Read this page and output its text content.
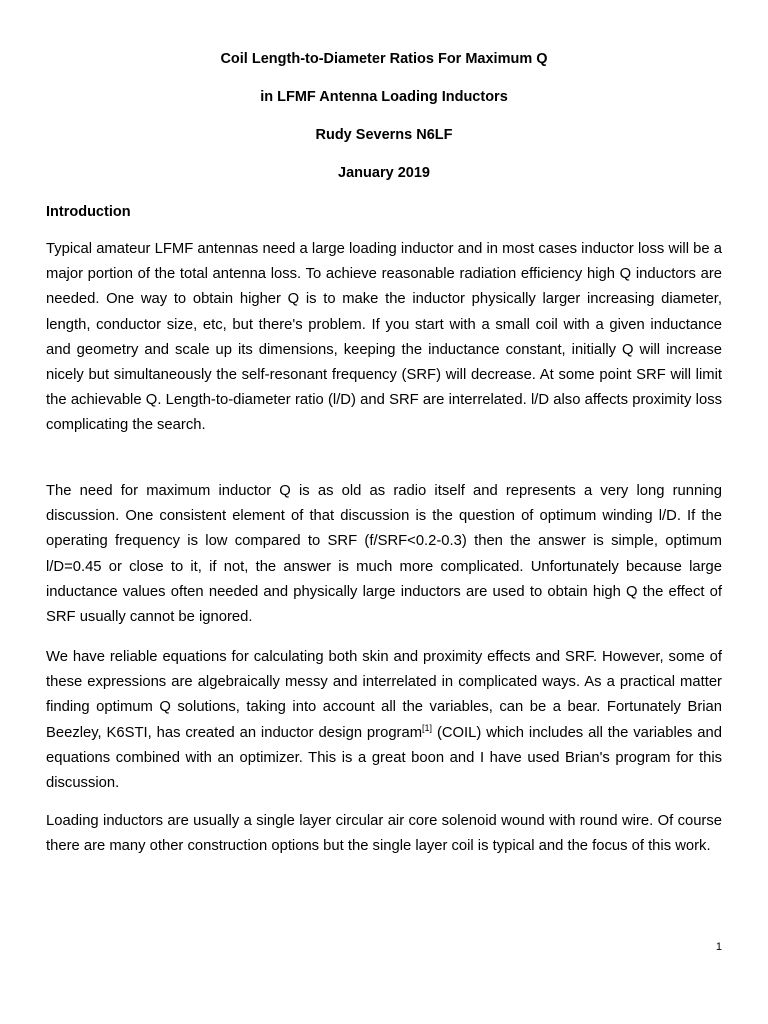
Coil Length-to-Diameter Ratios For Maximum Q
in LFMF Antenna Loading Inductors
Rudy Severns N6LF
January 2019
Introduction

Typical amateur LFMF antennas need a large loading inductor and in most cases inductor loss will be a major portion of the total antenna loss. To achieve reasonable radiation efficiency high Q inductors are needed. One way to obtain higher Q is to make the inductor physically larger increasing diameter, length, conductor size, etc, but there's problem. If you start with a small coil with a given inductance and geometry and scale up its dimensions, keeping the inductance constant, initially Q will increase nicely but simultaneously the self-resonant frequency (SRF) will decrease. At some point SRF will limit the achievable Q. Length-to-diameter ratio (l/D) and SRF are interrelated. l/D also affects proximity loss complicating the search.

The need for maximum inductor Q is as old as radio itself and represents a very long running discussion. One consistent element of that discussion is the question of optimum winding l/D. If the operating frequency is low compared to SRF (f/SRF<0.2-0.3) then the answer is simple, optimum l/D=0.45 or close to it, if not, the answer is much more complicated. Unfortunately because large inductance values often needed and physically large inductors are used to obtain high Q the effect of SRF usually cannot be ignored.

We have reliable equations for calculating both skin and proximity effects and SRF. However, some of these expressions are algebraically messy and interrelated in complicated ways. As a practical matter finding optimum Q solutions, taking into account all the variables, can be a bear. Fortunately Brian Beezley, K6STI, has created an inductor design program[1] (COIL) which includes all the variables and equations combined with an optimizer. This is a great boon and I have used Brian's program for this discussion.

Loading inductors are usually a single layer circular air core solenoid wound with round wire. Of course there are many other construction options but the single layer coil is typical and the focus of this work.

1
